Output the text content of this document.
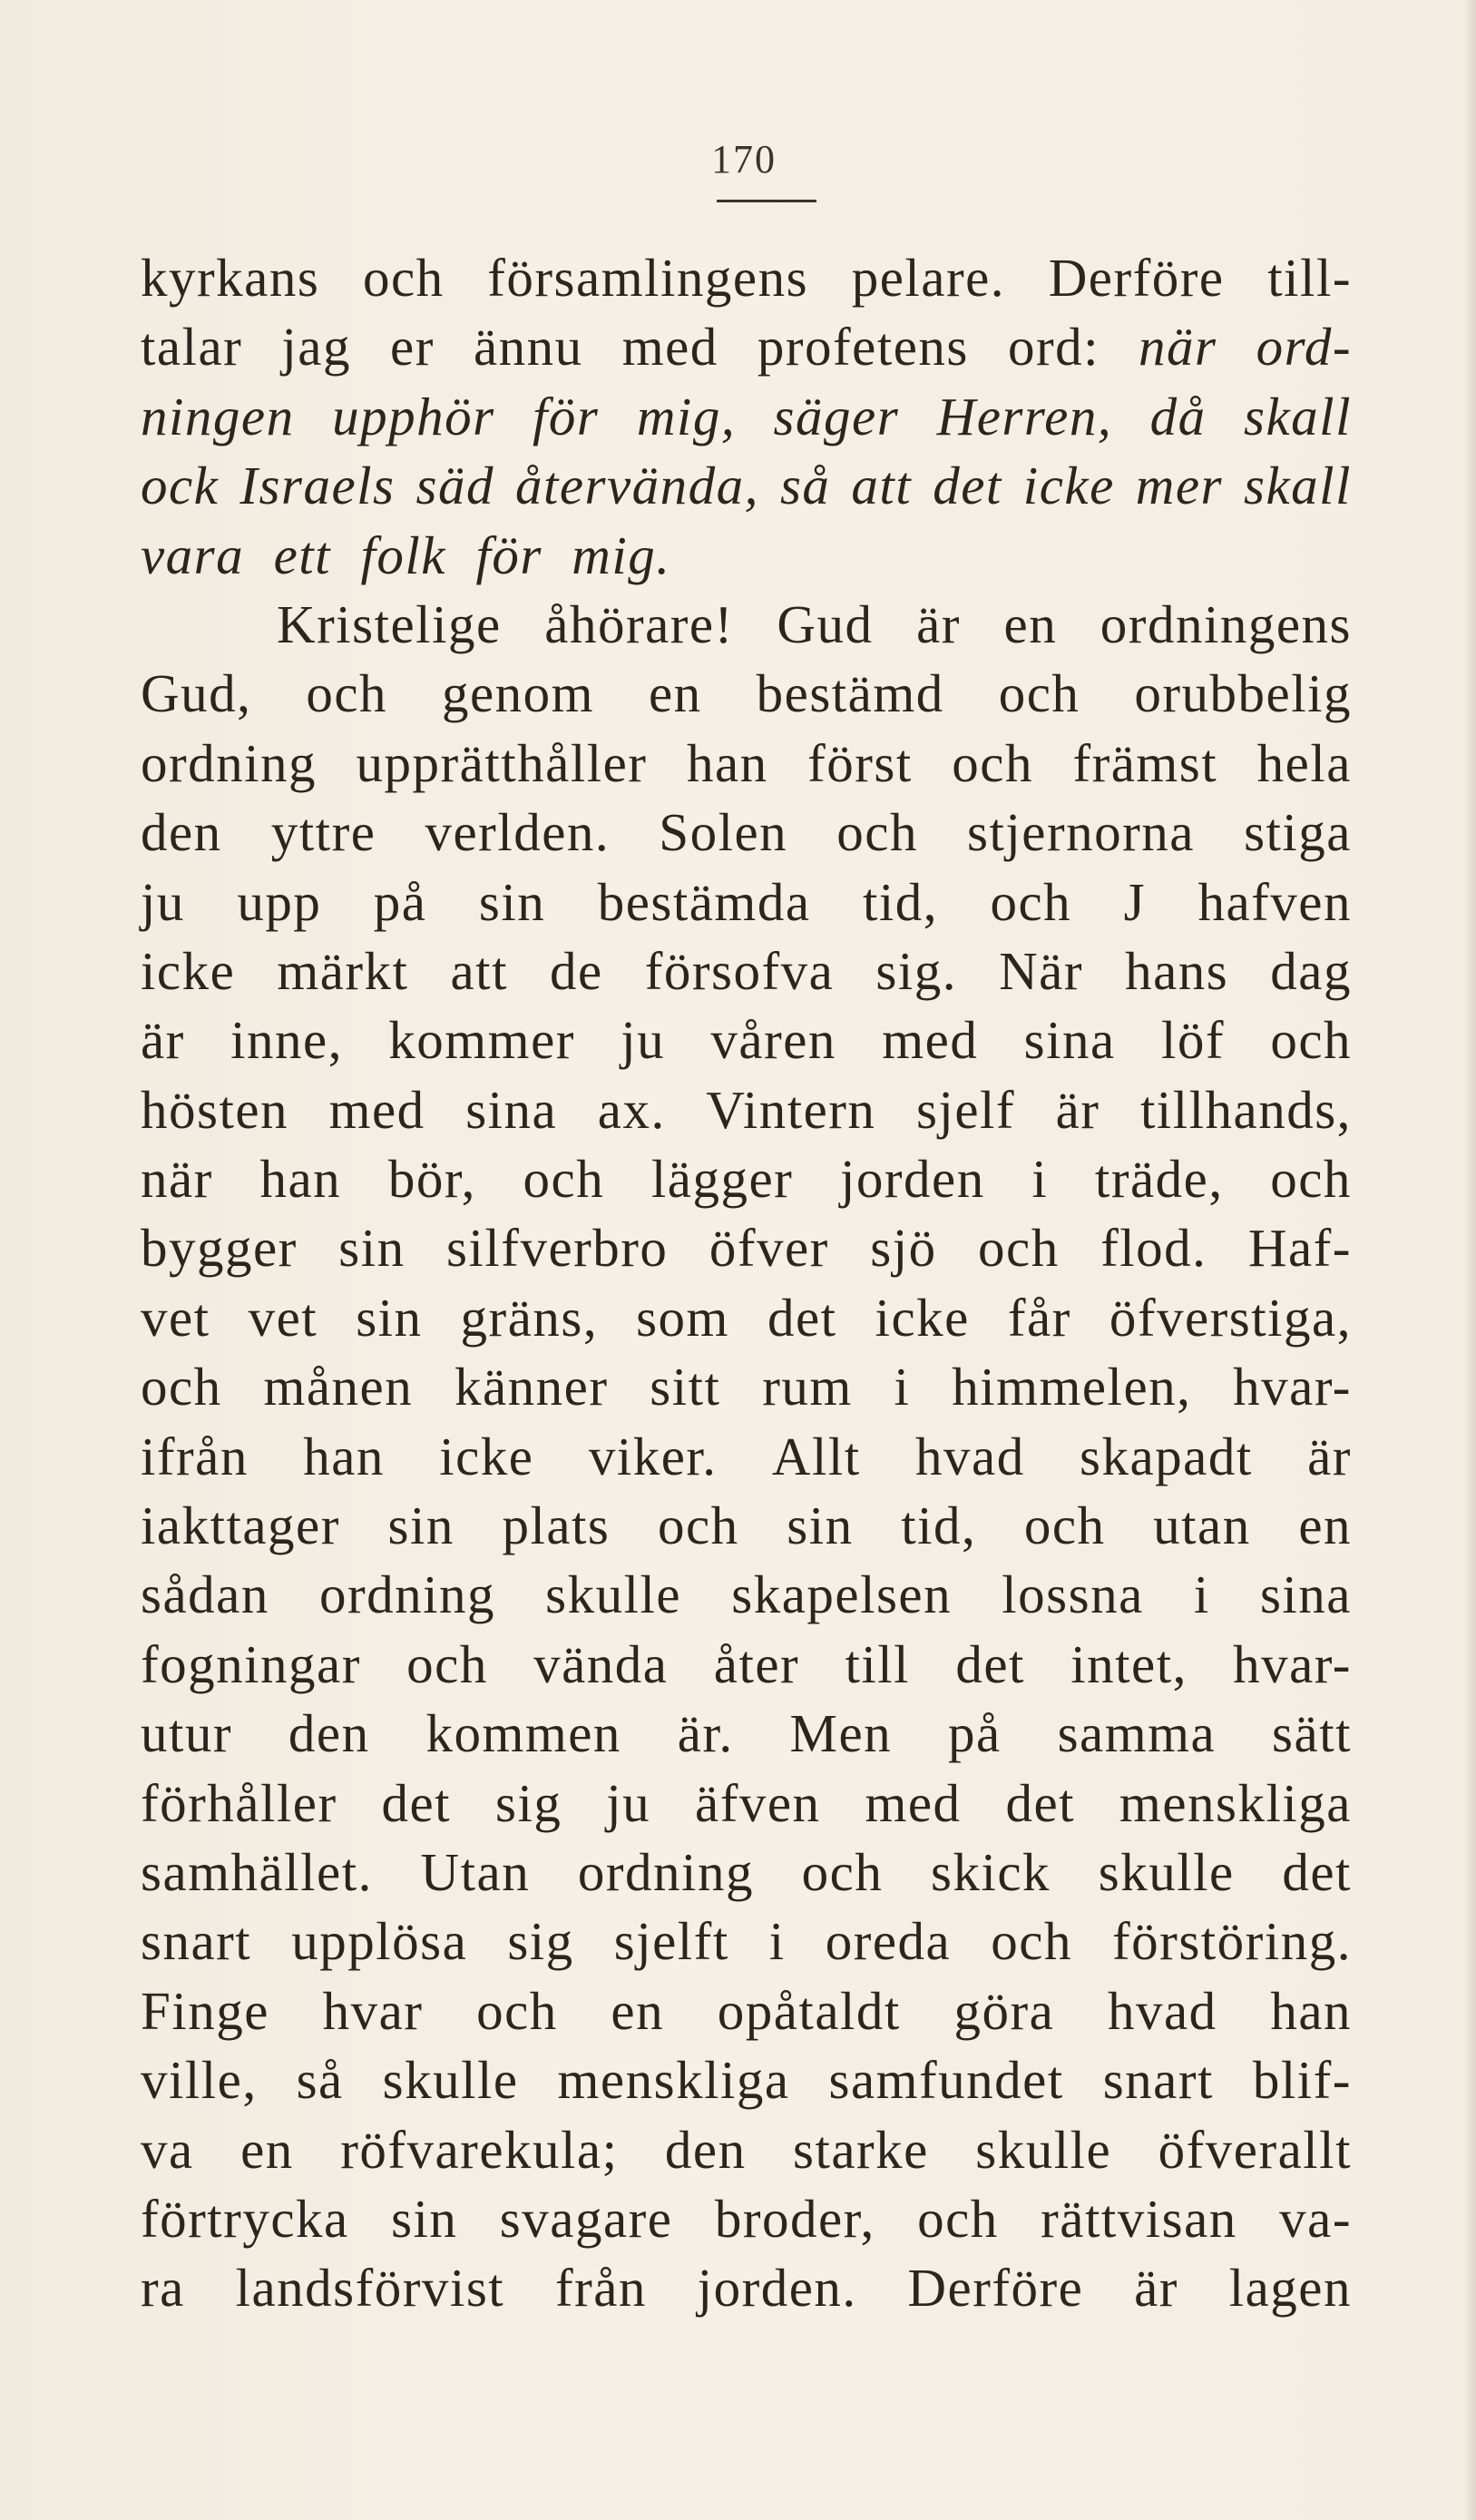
170
kyrkans och församlingens pelare. Derföre till-
talar jag er ännu med profetens ord: när ord-
ningen upphör för mig, säger Herren, då skall
ock Israels säd återvända, så att det icke mer skall
vara ett folk för mig.
Kristelige åhörare! Gud är en ordningens
Gud, och genom en bestämd och orubbelig
ordning upprätthåller han först och främst hela
den yttre verlden. Solen och stjernorna stiga
ju upp på sin bestämda tid, och J hafven
icke märkt att de försofva sig. När hans dag
är inne, kommer ju våren med sina löf och
hösten med sina ax. Vintern sjelf är tillhands,
när han bör, och lägger jorden i träde, och
bygger sin silfverbro öfver sjö och flod. Haf-
vet vet sin gräns, som det icke får öfverstiga,
och månen känner sitt rum i himmelen, hvar-
ifrån han icke viker. Allt hvad skapadt är
iakttager sin plats och sin tid, och utan en
sådan ordning skulle skapelsen lossna i sina
fogningar och vända åter till det intet, hvar-
utur den kommen är. Men på samma sätt
förhåller det sig ju äfven med det menskliga
samhället. Utan ordning och skick skulle det
snart upplösa sig sjelft i oreda och förstöring.
Finge hvar och en opåtaldt göra hvad han
ville, så skulle menskliga samfundet snart blif-
va en röfvarekula; den starke skulle öfverallt
förtrycka sin svagare broder, och rättvisan va-
ra landsförvist från jorden. Derföre är lagen
